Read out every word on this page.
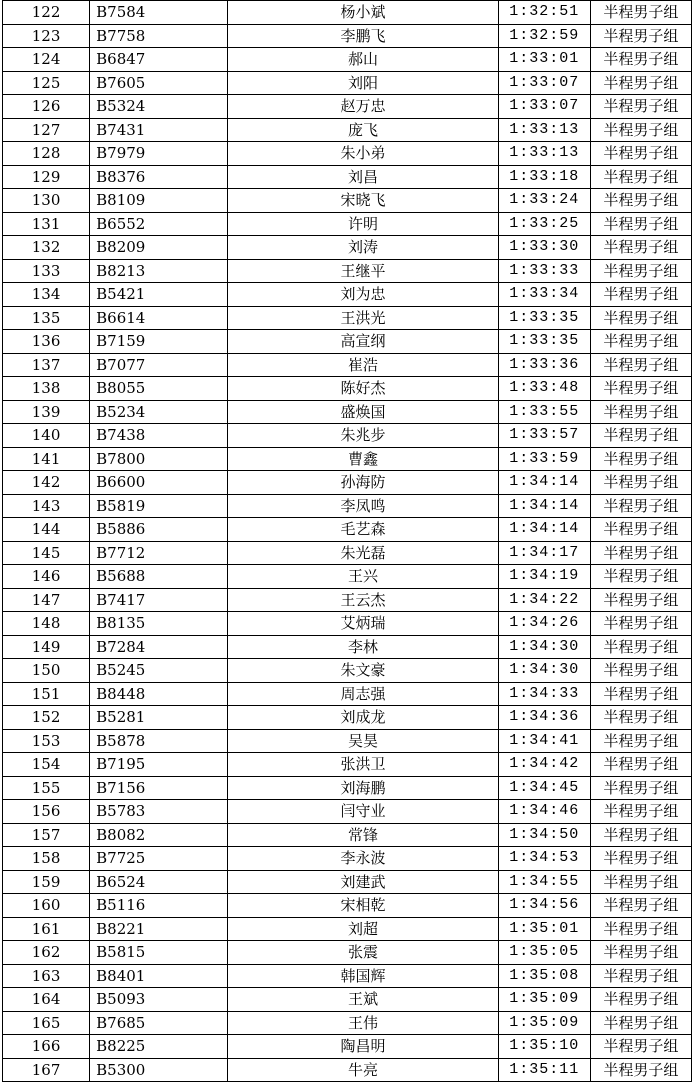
122	B7584	杨小斌	1:32:51	半程男子组
123	B7758	李鹏飞	1:32:59	半程男子组
124	B6847	郝山	1:33:01	半程男子组
125	B7605	刘阳	1:33:07	半程男子组
126	B5324	赵万忠	1:33:07	半程男子组
127	B7431	庞飞	1:33:13	半程男子组
128	B7979	朱小弟	1:33:13	半程男子组
129	B8376	刘昌	1:33:18	半程男子组
130	B8109	宋晓飞	1:33:24	半程男子组
131	B6552	许明	1:33:25	半程男子组
132	B8209	刘涛	1:33:30	半程男子组
133	B8213	王继平	1:33:33	半程男子组
134	B5421	刘为忠	1:33:34	半程男子组
135	B6614	王洪光	1:33:35	半程男子组
136	B7159	高宣纲	1:33:35	半程男子组
137	B7077	崔浩	1:33:36	半程男子组
138	B8055	陈好杰	1:33:48	半程男子组
139	B5234	盛焕国	1:33:55	半程男子组
140	B7438	朱兆步	1:33:57	半程男子组
141	B7800	曹鑫	1:33:59	半程男子组
142	B6600	孙海防	1:34:14	半程男子组
143	B5819	李凤鸣	1:34:14	半程男子组
144	B5886	毛艺森	1:34:14	半程男子组
145	B7712	朱光磊	1:34:17	半程男子组
146	B5688	王兴	1:34:19	半程男子组
147	B7417	王云杰	1:34:22	半程男子组
148	B8135	艾炳瑞	1:34:26	半程男子组
149	B7284	李林	1:34:30	半程男子组
150	B5245	朱文豪	1:34:30	半程男子组
151	B8448	周志强	1:34:33	半程男子组
152	B5281	刘成龙	1:34:36	半程男子组
153	B5878	吴昊	1:34:41	半程男子组
154	B7195	张洪卫	1:34:42	半程男子组
155	B7156	刘海鹏	1:34:45	半程男子组
156	B5783	闫守业	1:34:46	半程男子组
157	B8082	常锋	1:34:50	半程男子组
158	B7725	李永波	1:34:53	半程男子组
159	B6524	刘建武	1:34:55	半程男子组
160	B5116	宋相乾	1:34:56	半程男子组
161	B8221	刘超	1:35:01	半程男子组
162	B5815	张震	1:35:05	半程男子组
163	B8401	韩国辉	1:35:08	半程男子组
164	B5093	王斌	1:35:09	半程男子组
165	B7685	王伟	1:35:09	半程男子组
166	B8225	陶昌明	1:35:10	半程男子组
167	B5300	牛亮	1:35:11	半程男子组
